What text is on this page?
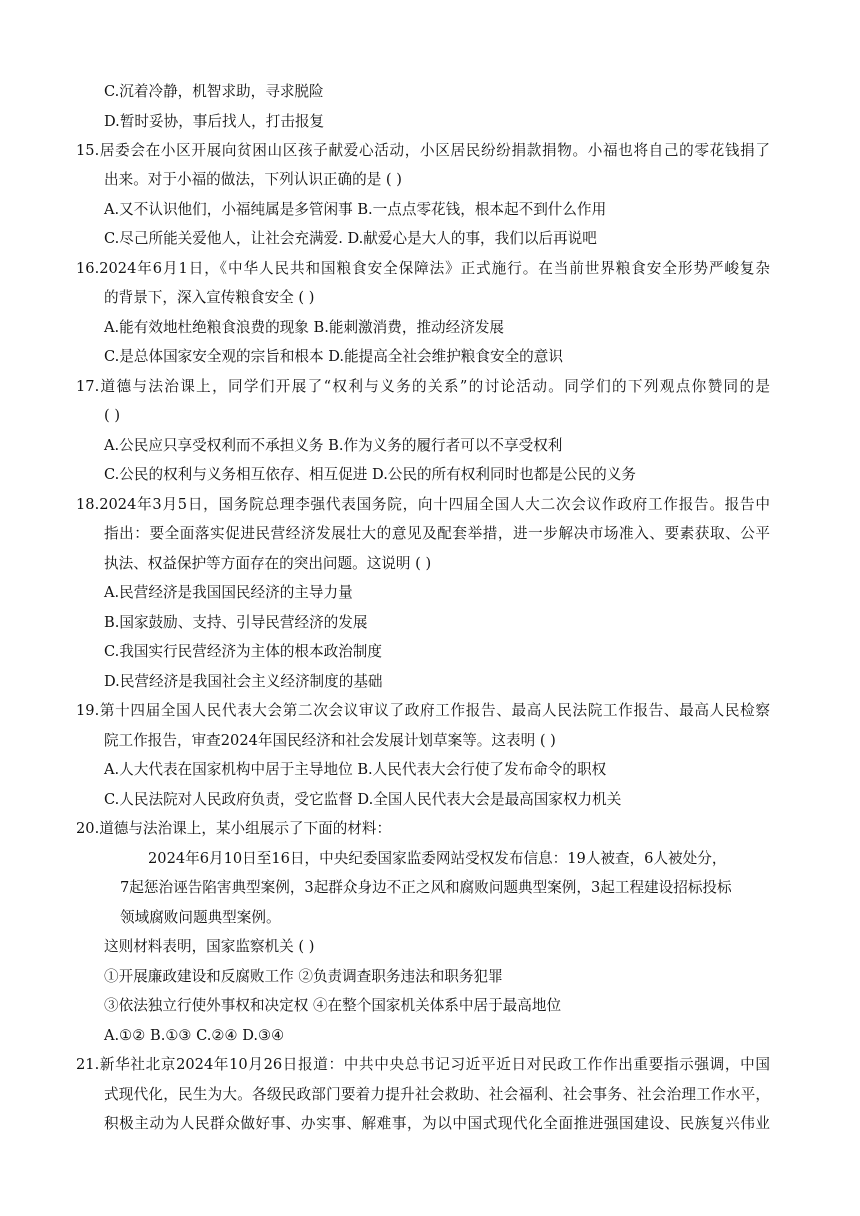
C.沉着冷静，机智求助，寻求脱险
D.暂时妥协，事后找人，打击报复
15.居委会在小区开展向贫困山区孩子献爱心活动，小区居民纷纷捐款捐物。小福也将自己的零花钱捐了
出来。对于小福的做法，下列认识正确的是 ( )
A.又不认识他们，小福纯属是多管闲事 B.一点点零花钱，根本起不到什么作用
C.尽己所能关爱他人，让社会充满爱. D.献爱心是大人的事，我们以后再说吧
16.2024年6月1日，《中华人民共和国粮食安全保障法》正式施行。在当前世界粮食安全形势严峻复杂
的背景下，深入宣传粮食安全 ( )
A.能有效地杜绝粮食浪费的现象 B.能刺激消费，推动经济发展
C.是总体国家安全观的宗旨和根本 D.能提高全社会维护粮食安全的意识
17.道德与法治课上，同学们开展了“权利与义务的关系”的讨论活动。同学们的下列观点你赞同的是
( )
A.公民应只享受权利而不承担义务 B.作为义务的履行者可以不享受权利
C.公民的权利与义务相互依存、相互促进 D.公民的所有权利同时也都是公民的义务
18.2024年3月5日，国务院总理李强代表国务院，向十四届全国人大二次会议作政府工作报告。报告中
指出：要全面落实促进民营经济发展壮大的意见及配套举措，进一步解决市场准入、要素获取、公平
执法、权益保护等方面存在的突出问题。这说明 ( )
A.民营经济是我国国民经济的主导力量
B.国家鼓励、支持、引导民营经济的发展
C.我国实行民营经济为主体的根本政治制度
D.民营经济是我国社会主义经济制度的基础
19.第十四届全国人民代表大会第二次会议审议了政府工作报告、最高人民法院工作报告、最高人民检察
院工作报告，审查2024年国民经济和社会发展计划草案等。这表明 ( )
A.人大代表在国家机构中居于主导地位 B.人民代表大会行使了发布命令的职权
C.人民法院对人民政府负责，受它监督 D.全国人民代表大会是最高国家权力机关
20.道德与法治课上，某小组展示了下面的材料：
2024年6月10日至16日，中央纪委国家监委网站受权发布信息：19人被查，6人被处分，
7起惩治诬告陷害典型案例，3起群众身边不正之风和腐败问题典型案例，3起工程建设招标投标
领域腐败问题典型案例。
这则材料表明，国家监察机关 ( )
①开展廉政建设和反腐败工作 ②负责调查职务违法和职务犯罪
③依法独立行使外事权和决定权 ④在整个国家机关体系中居于最高地位
A.①② B.①③ C.②④ D.③④
21.新华社北京2024年10月26日报道：中共中央总书记习近平近日对民政工作作出重要指示强调，中国
式现代化，民生为大。各级民政部门要着力提升社会救助、社会福利、社会事务、社会治理工作水平，
积极主动为人民群众做好事、办实事、解难事，为以中国式现代化全面推进强国建设、民族复兴伟业
